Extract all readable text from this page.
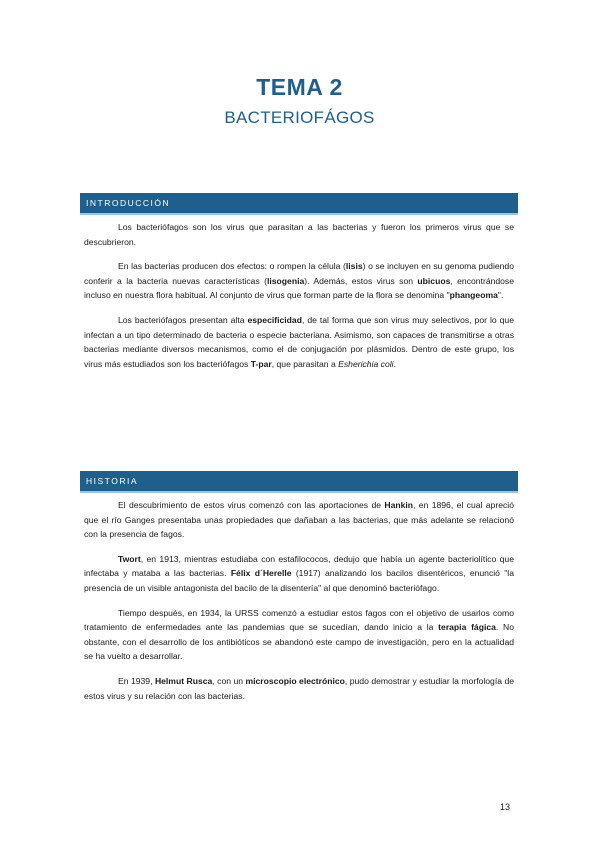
TEMA 2
BACTERIOFÁGOS
INTRODUCCIÓN

Los bacteriófagos son los virus que parasitan a las bacterias y fueron los primeros virus que se descubrieron.

En las bacterias producen dos efectos: o rompen la célula (lisis) o se incluyen en su genoma pudiendo conferir a la bacteria nuevas características (lisogenia). Además, estos virus son ubicuos, encontrándose incluso en nuestra flora habitual. Al conjunto de virus que forman parte de la flora se denomina "phangeoma".

Los bacteriófagos presentan alta especificidad, de tal forma que son virus muy selectivos, por lo que infectan a un tipo determinado de bacteria o especie bacteriana. Asimismo, son capaces de transmitirse a otras bacterias mediante diversos mecanismos, como el de conjugación por plásmidos. Dentro de este grupo, los virus más estudiados son los bacteriófagos T-par, que parasitan a Esherichia coli.

HISTORIA

El descubrimiento de estos virus comenzó con las aportaciones de Hankin, en 1896, el cual apreció que el río Ganges presentaba unas propiedades que dañaban a las bacterias, que más adelante se relacionó con la presencia de fagos.

Twort, en 1913, mientras estudiaba con estafilococos, dedujo que había un agente bacteriolítico que infectaba y mataba a las bacterias. Félix d´Herelle (1917) analizando los bacilos disentéricos, enunció "la presencia de un visible antagonista del bacilo de la disentería" al que denominó bacteriófago.

Tiempo después, en 1934, la URSS comenzó a estudiar estos fagos con el objetivo de usarlos como tratamiento de enfermedades ante las pandemias que se sucedían, dando inicio a la terapia fágica. No obstante, con el desarrollo de los antibióticos se abandonó este campo de investigación, pero en la actualidad se ha vuelto a desarrollar.

En 1939, Helmut Rusca, con un microscopio electrónico, pudo demostrar y estudiar la morfología de estos virus y su relación con las bacterias.

13
